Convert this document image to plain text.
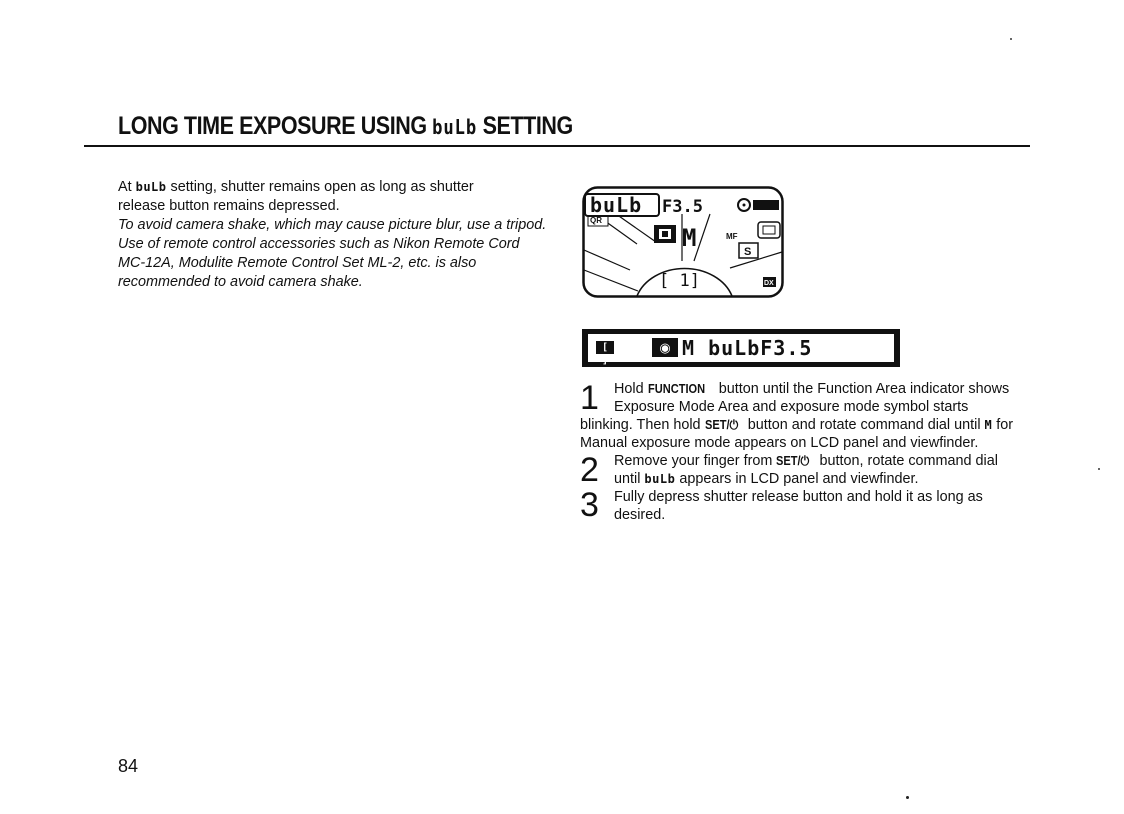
LONG TIME EXPOSURE USING buLb SETTING
At buLb setting, shutter remains open as long as shutter
release button remains depressed.
To avoid camera shake, which may cause picture blur, use a tripod. Use of remote control accessories such as Nikon Remote Cord MC-12A, Modulite Remote Control Set ML-2, etc. is also recommended to avoid camera shake.
QR
buLb F3.5
M	MF
S
[ 1]	DX
[ ]
◉ M buLbF3.5
1	Hold FUNCTION button until the Function Area indicator shows Exposure Mode Area and exposure mode symbol starts blinking. Then hold SET/⏻ button and rotate command dial until M for Manual exposure mode appears on LCD panel and viewfinder.
2	Remove your finger from SET/⏻ button, rotate command dial until buLb appears in LCD panel and viewfinder.
3	Fully depress shutter release button and hold it as long as desired.
84
